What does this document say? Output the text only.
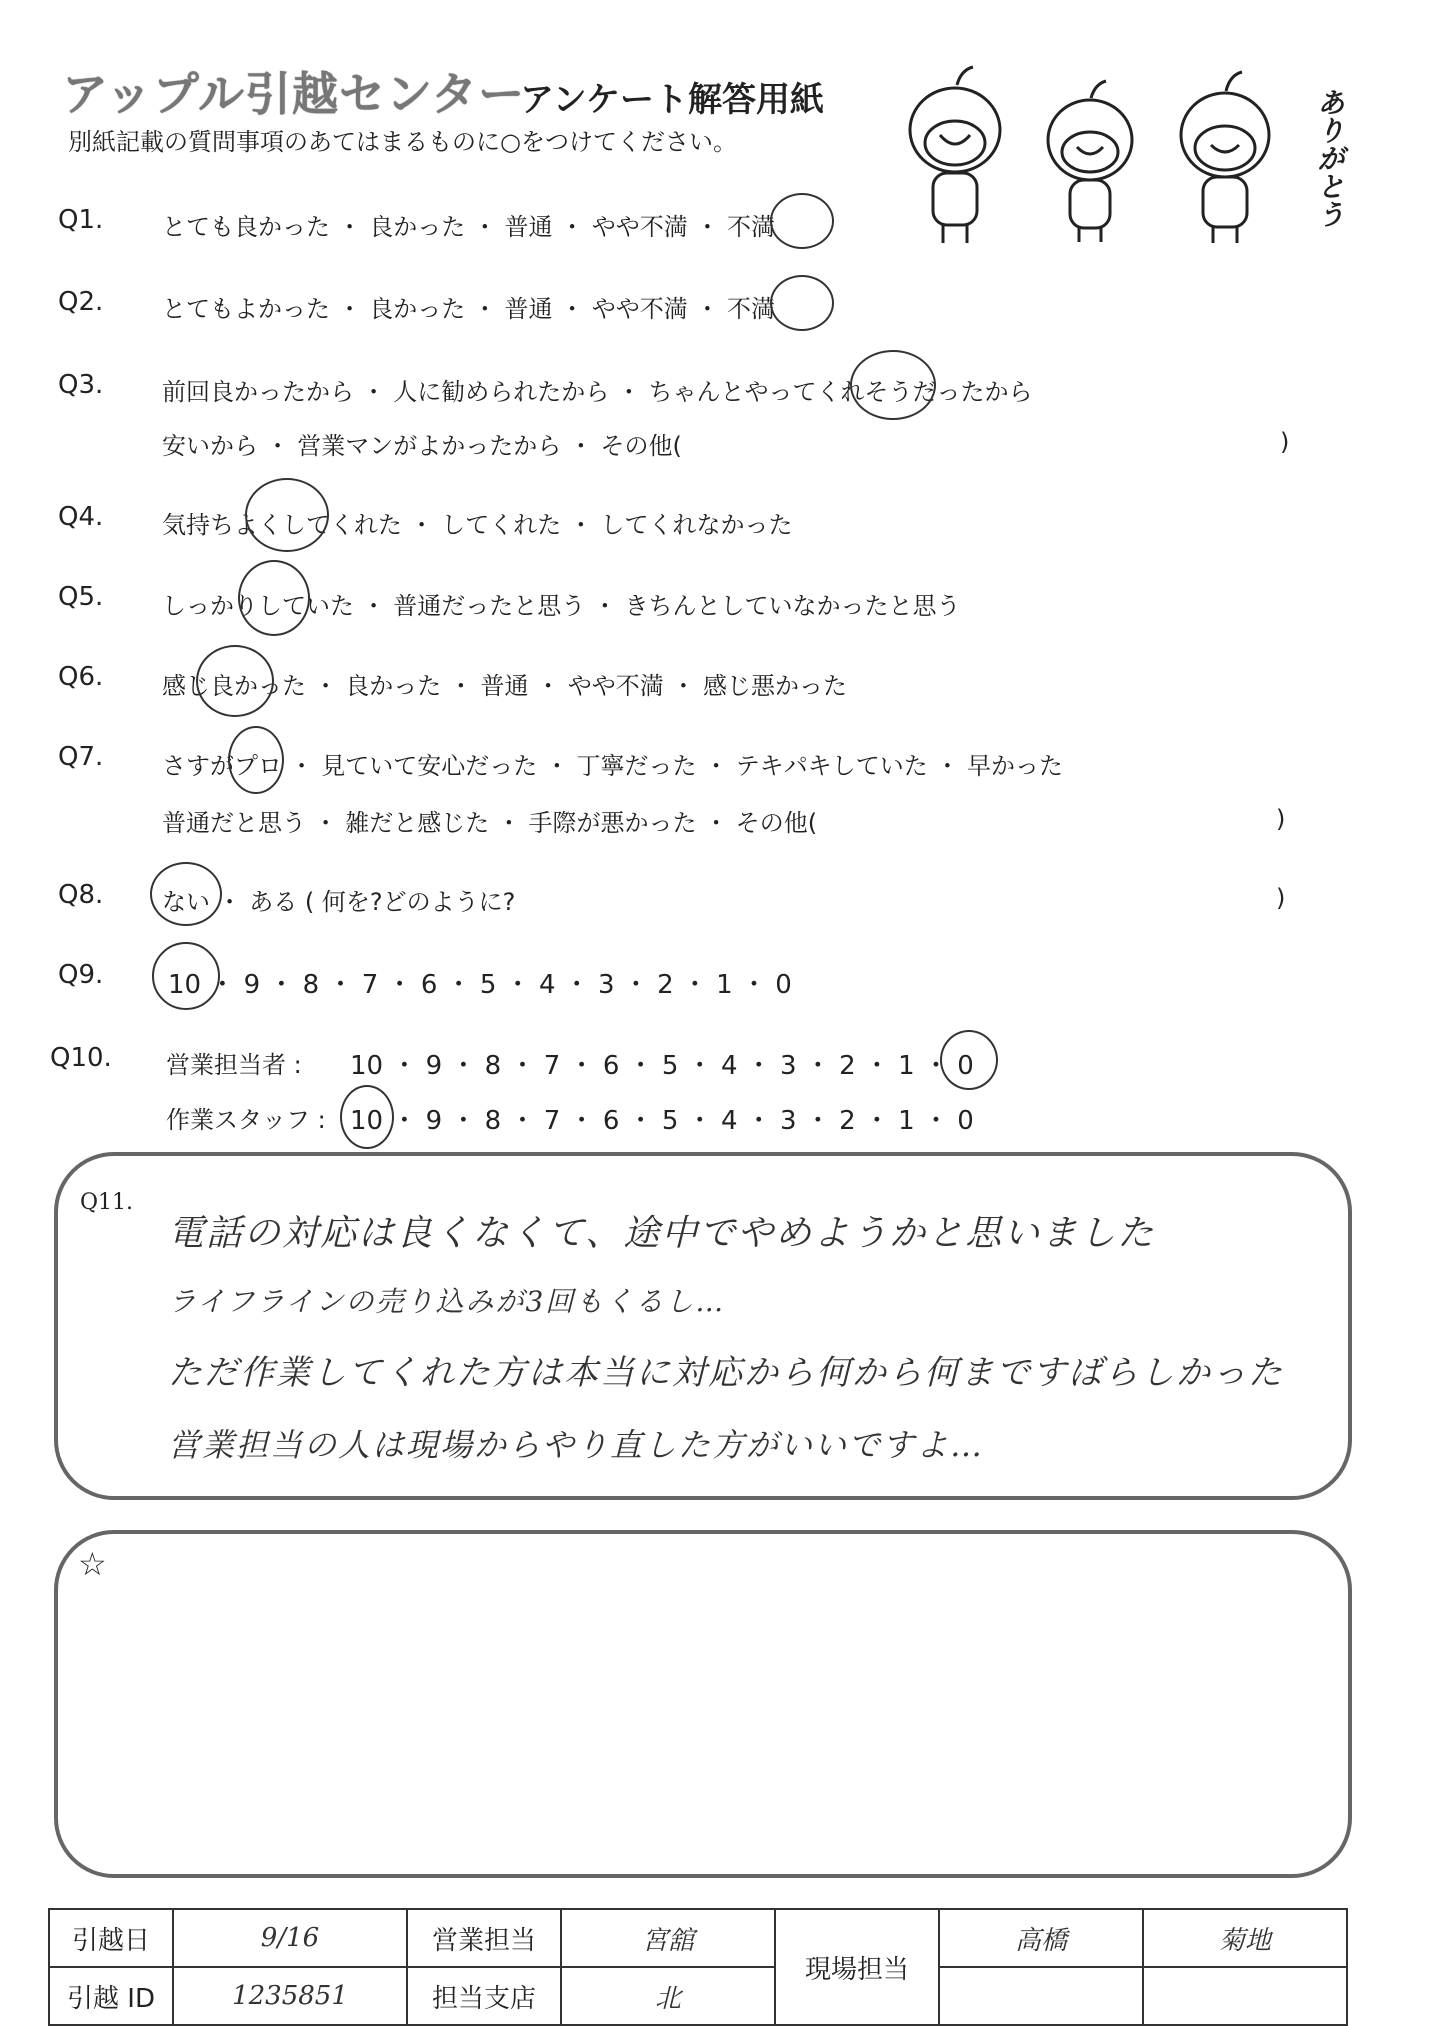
アップル引越センター
アンケート解答用紙
別紙記載の質問事項のあてはまるものに○をつけてください。	ありがとう
Q1. とても良かった ・ 良かった ・ 普通 ・ やや不満 ・ 不満
Q2. とてもよかった ・ 良かった ・ 普通 ・ やや不満 ・ 不満
Q3. 前回良かったから ・ 人に勧められたから ・ ちゃんとやってくれそうだったから
安いから ・ 営業マンがよかったから ・ その他(	)
Q4. 気持ちよくしてくれた ・ してくれた ・ してくれなかった
Q5. しっかりしていた ・ 普通だったと思う ・ きちんとしていなかったと思う
Q6. 感じ良かった ・ 良かった ・ 普通 ・ やや不満 ・ 感じ悪かった
Q7. さすがプロ ・ 見ていて安心だった ・ 丁寧だった ・ テキパキしていた ・ 早かった
普通だと思う ・ 雑だと感じた ・ 手際が悪かった ・ その他(	)
Q8. ない ・ ある ( 何を?どのように?	)
Q9. 10 ・ 9 ・ 8 ・ 7 ・ 6 ・ 5 ・ 4 ・ 3 ・ 2 ・ 1 ・ 0
Q10. 営業担当者 : 10 ・ 9 ・ 8 ・ 7 ・ 6 ・ 5 ・ 4 ・ 3 ・ 2 ・ 1 ・ 0
作業スタッフ : 10 ・ 9 ・ 8 ・ 7 ・ 6 ・ 5 ・ 4 ・ 3 ・ 2 ・ 1 ・ 0
Q11.
電話の対応は良くなくて、途中でやめようかと思いました
ライフラインの売り込みが3回もくるし…
ただ作業してくれた方は本当に対応から何から何まですばらしかった
営業担当の人は現場からやり直した方がいいですよ…
☆
引越日	9/16	営業担当	宮舘	現場担当	高橋	菊地
引越 ID	1235851	担当支店	北			
